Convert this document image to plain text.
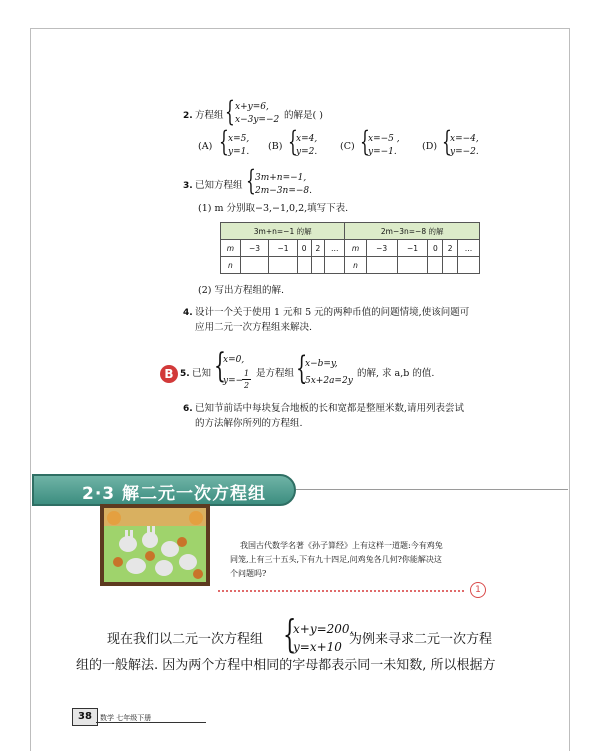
2. 方程组 { x+y=6,
x−3y=−2 的解是( )
(A) { x=5,
y=1. (B) {
x=4,
y=2. (C) {
x=−5 ,
y=−1.	(D) {
x=−4,
y=−2.
3. 已知方程组 { 3m+n=−1,
2m−3n=−8.
(1) m 分别取−3,−1,0,2,填写下表.
3m+n=−1 的解						2m−3n=−8 的解					
m	−3	−1	0	2	…	m	−3	−1	0	2	…
n						n					
(2) 写出方程组的解.
4. 设计一个关于使用 1 元和 5 元的两种币值的问题情境,使该问题可
应用二元一次方程组来解决.
B 5. 已知 {
x=0,
y=−
1
2
是方程组 {
x−b=y,
5x+2a=2y
的解, 求 a,b 的值.
6. 已知节前话中每块复合地板的长和宽都是整厘米数,请用列表尝试
的方法解你所列的方程组.
2·3 解二元一次方程组
我国古代数学名著《孙子算经》上有这样一道题:今有鸡兔
同笼,上有三十五头,下有九十四足,问鸡兔各几何?你能解决这
个问题吗?
1
现在我们以二元一次方程组 {
x+y=200,
y=x+10 为例来寻求二元一次方程
组的一般解法. 因为两个方程中相同的字母都表示同一未知数, 所以根据方
38	数学 七年级下册
